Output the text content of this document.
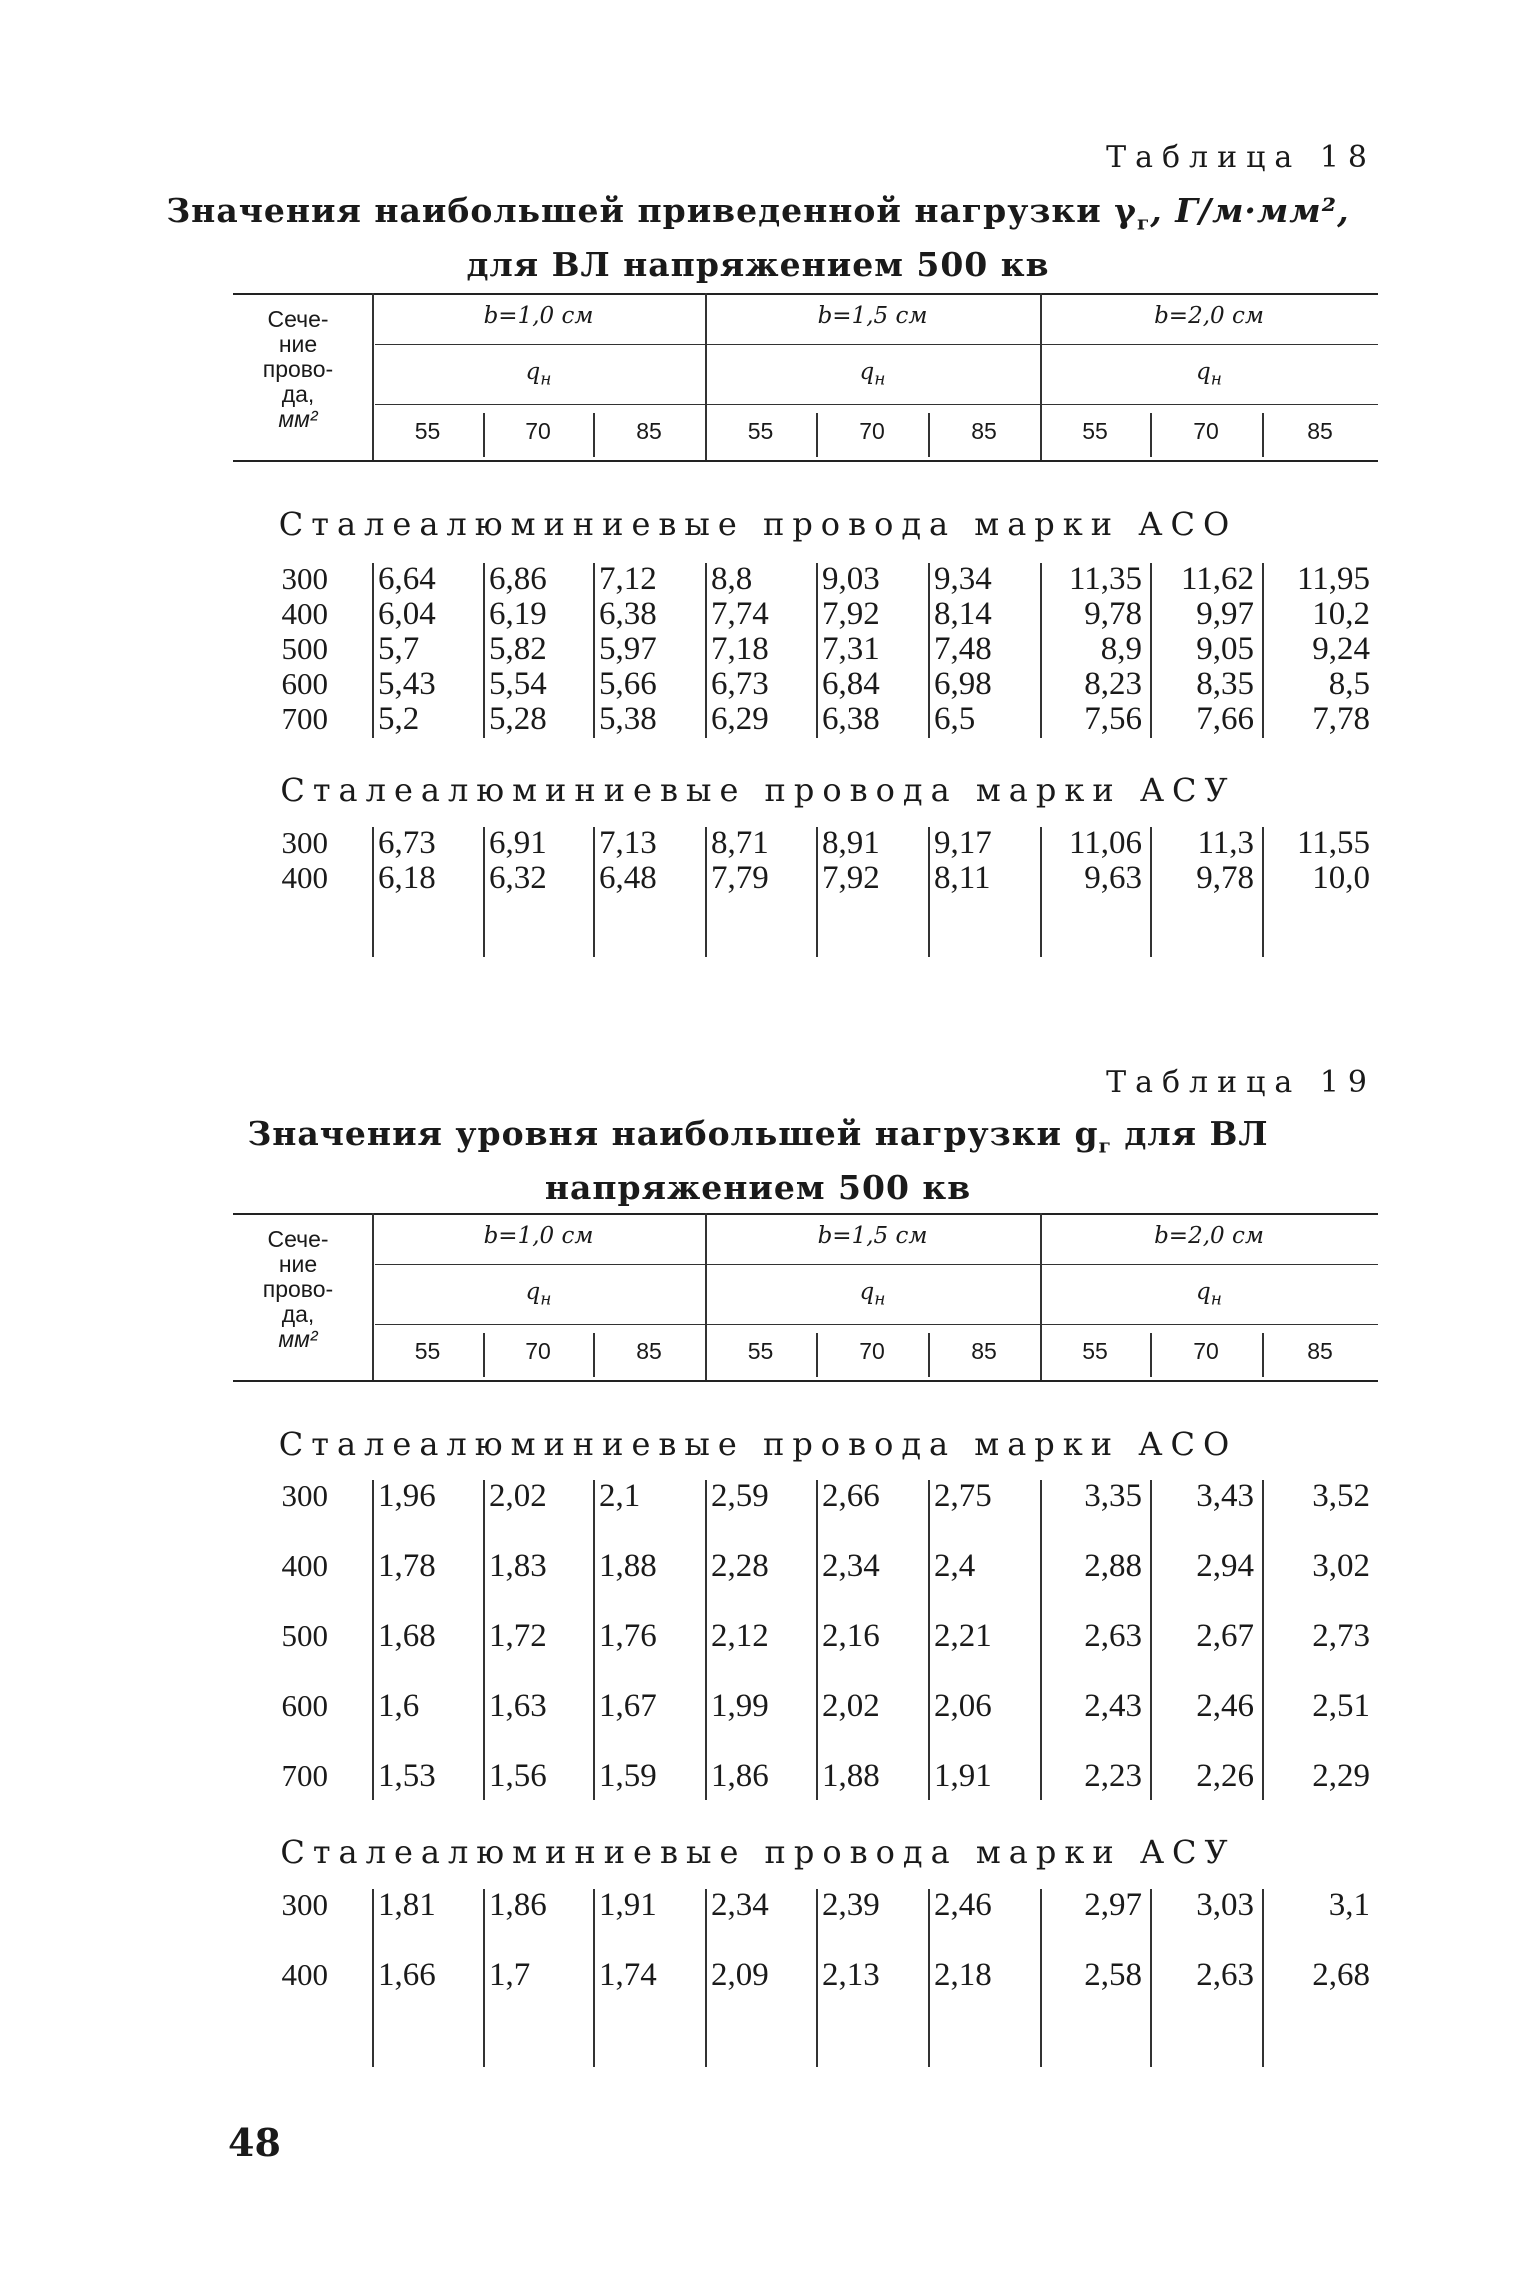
Таблица 18
Значения наибольшей приведенной нагрузки $\gamma_г$, Г/м·мм²,
для ВЛ напряжением 500 кв
Сече-
ние
прово-
да,
мм²
b=1,0 см
$q_н$
b=1,5 см
$q_н$
b=2,0 см
$q_н$
55	70	85	55	70	85	55	70	85
Сталеалюминиевые провода марки АСО
300 6,64	6,86	7,12	8,8	9,03	9,34	11,35	11,62	11,95
400 6,04	6,19	6,38	7,74	7,92	8,14	9,78	9,97	10,2
500 5,7	5,82	5,97	7,18	7,31	7,48	8,9	9,05	9,24
600 5,43	5,54	5,66	6,73	6,84	6,98	8,23	8,35	8,5
700 5,2	5,28	5,38	6,29	6,38	6,5	7,56	7,66	7,78
Сталеалюминиевые провода марки АСУ
300 6,73	6,91	7,13	8,71	8,91	9,17	11,06	11,3	11,55
400 6,18	6,32	6,48	7,79	7,92	8,11	9,63	9,78	10,0
Таблица 19
Значения уровня наибольшей нагрузки $g_г$ для ВЛ
напряжением 500 кв
Сече-
ние
прово-
да,
мм²
b=1,0 см
$q_н$
b=1,5 см
$q_н$
b=2,0 см
$q_н$
55	70	85	55	70	85	55	70	85
Сталеалюминиевые провода марки АСО
300 1,96	2,02	2,1	2,59	2,66	2,75	3,35	3,43	3,52
400 1,78	1,83	1,88	2,28	2,34	2,4	2,88	2,94	3,02
500 1,68	1,72	1,76	2,12	2,16	2,21	2,63	2,67	2,73
600 1,6	1,63	1,67	1,99	2,02	2,06	2,43	2,46	2,51
700 1,53	1,56	1,59	1,86	1,88	1,91	2,23	2,26	2,29
Сталеалюминиевые провода марки АСУ
300 1,81	1,86	1,91	2,34	2,39	2,46	2,97	3,03	3,1
400 1,66	1,7	1,74	2,09	2,13	2,18	2,58	2,63	2,68
48
